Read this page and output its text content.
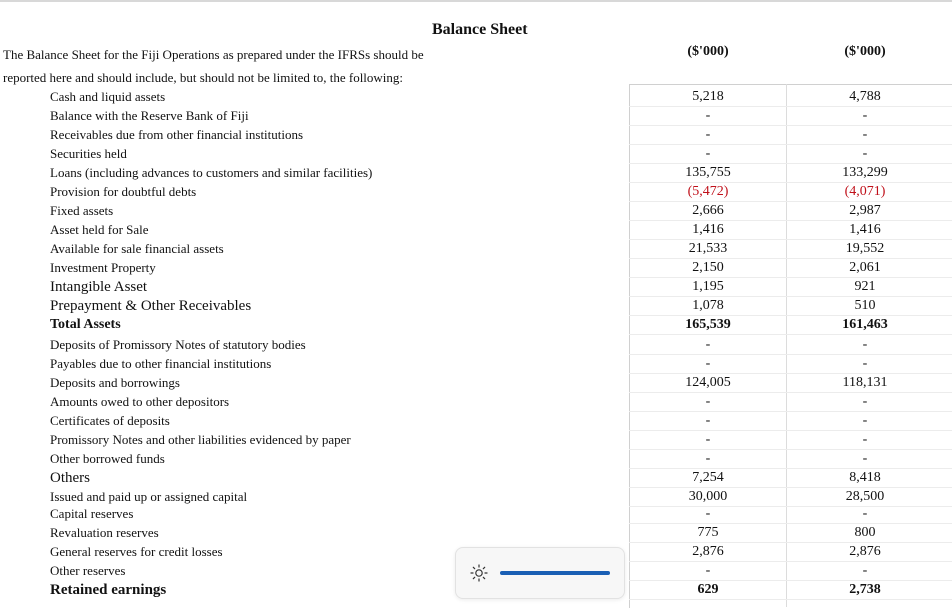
Balance Sheet
The Balance Sheet for the Fiji Operations as prepared under the IFRSs should be
reported here and should include, but should not be limited to, the following:
($'000)	($'000)
Cash and liquid assets	5,218	4,788
Balance with the Reserve Bank of Fiji	-	-
Receivables due from other financial institutions	-	-
Securities held	-	-
Loans (including advances to customers and similar facilities)	135,755	133,299
Provision for doubtful debts	(5,472)	(4,071)
Fixed assets	2,666	2,987
Asset held for Sale	1,416	1,416
Available for sale financial assets	21,533	19,552
Investment Property	2,150	2,061
Intangible Asset	1,195	921
Prepayment & Other Receivables	1,078	510
Total Assets	165,539	161,463
Deposits of Promissory Notes of statutory bodies	-	-
Payables due to other financial institutions	-	-
Deposits and borrowings	124,005	118,131
Amounts owed to other depositors	-	-
Certificates of deposits	-	-
Promissory Notes and other liabilities evidenced by paper	-	-
Other borrowed funds	-	-
Others	7,254	8,418
Issued and paid up or assigned capital	30,000	28,500
Capital reserves	-	-
Revaluation reserves	775	800
General reserves for credit losses	2,876	2,876
Other reserves	-	-
Retained earnings	629	2,738
